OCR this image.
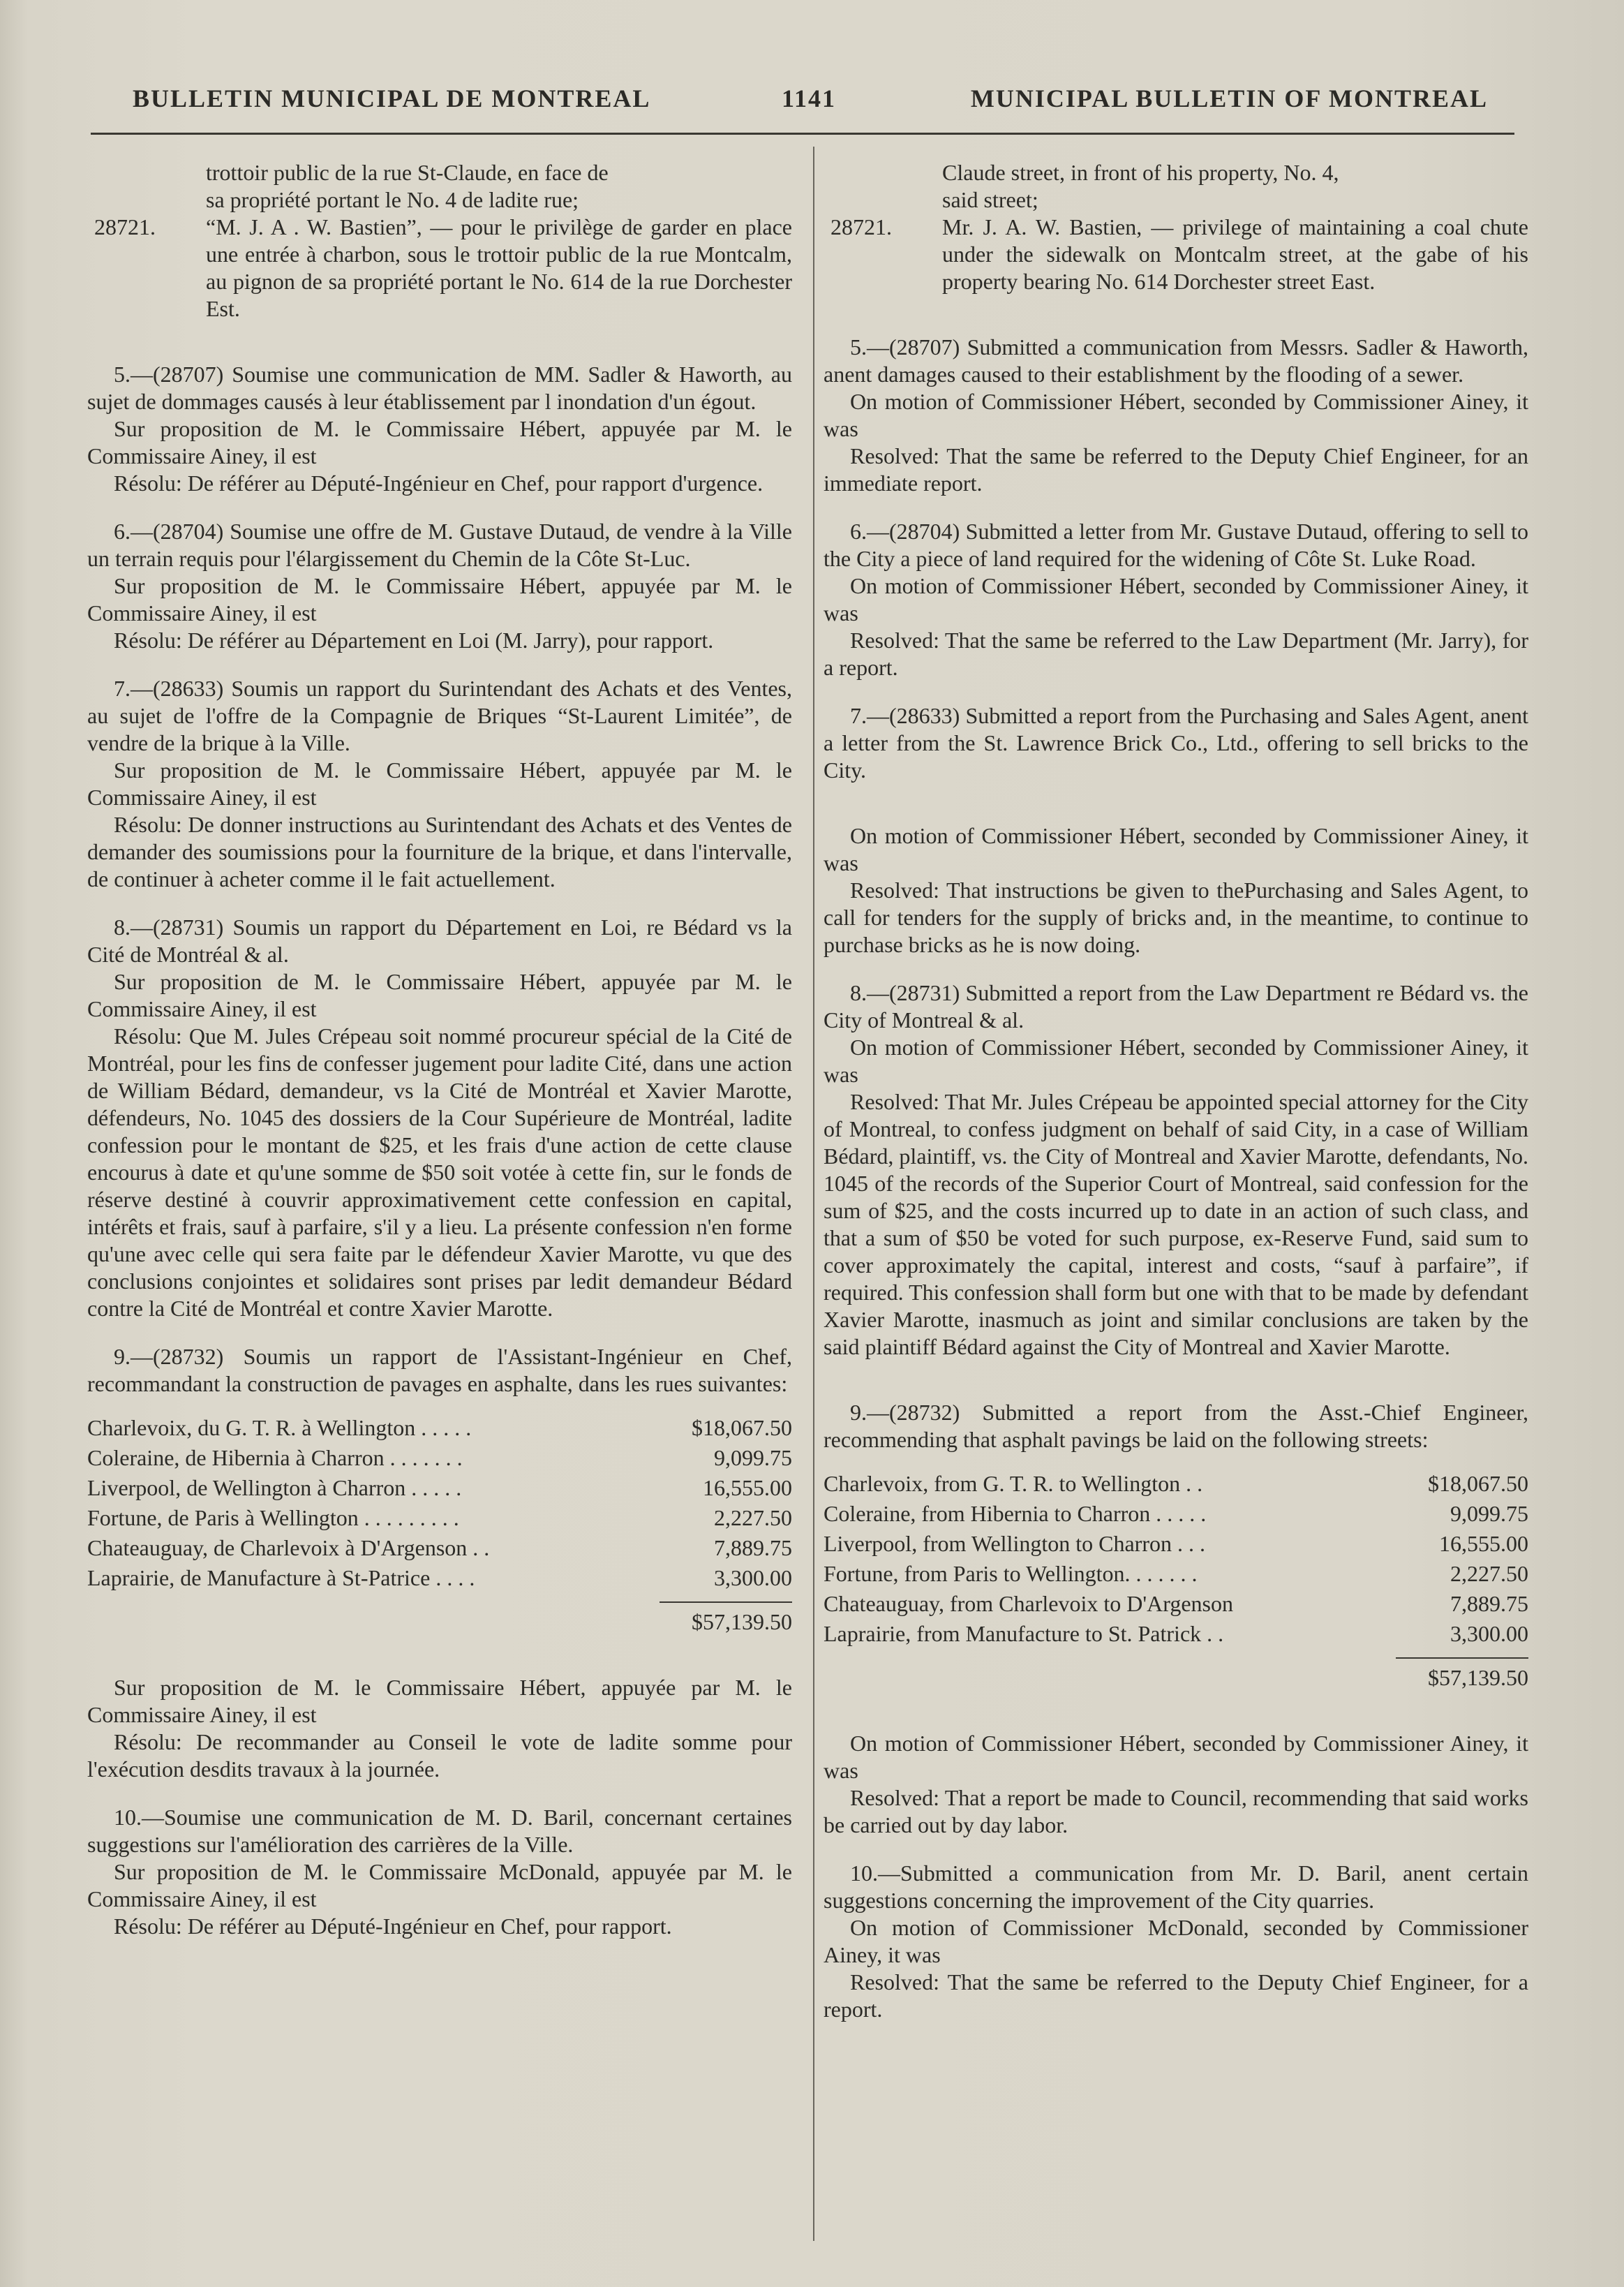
BULLETIN MUNICIPAL DE MONTREAL	1141	MUNICIPAL BULLETIN OF MONTREAL
trottoir public de la rue St-Claude, en face de
sa propriété portant le No. 4 de ladite rue;
28721. “M. J. A . W. Bastien”, — pour le privilège de garder en place une entrée à charbon, sous le trottoir public de la rue Montcalm, au pignon de sa propriété portant le No. 614 de la rue Dorchester Est.

5.—(28707) Soumise une communication de MM. Sadler & Haworth, au sujet de dommages causés à leur établissement par l inondation d'un égout.

Sur proposition de M. le Commissaire Hébert, appuyée par M. le Commissaire Ainey, il est

Résolu: De référer au Député-Ingénieur en Chef, pour rapport d'urgence.

6.—(28704) Soumise une offre de M. Gustave Dutaud, de vendre à la Ville un terrain requis pour l'élargissement du Chemin de la Côte St-Luc.

Sur proposition de M. le Commissaire Hébert, appuyée par M. le Commissaire Ainey, il est

Résolu: De référer au Département en Loi (M. Jarry), pour rapport.

7.—(28633) Soumis un rapport du Surintendant des Achats et des Ventes, au sujet de l'offre de la Compagnie de Briques “St-Laurent Limitée”, de vendre de la brique à la Ville.

Sur proposition de M. le Commissaire Hébert, appuyée par M. le Commissaire Ainey, il est

Résolu: De donner instructions au Surintendant des Achats et des Ventes de demander des soumissions pour la fourniture de la brique, et dans l'intervalle, de continuer à acheter comme il le fait actuellement.

8.—(28731) Soumis un rapport du Département en Loi, re Bédard vs la Cité de Montréal & al.

Sur proposition de M. le Commissaire Hébert, appuyée par M. le Commissaire Ainey, il est

Résolu: Que M. Jules Crépeau soit nommé procureur spécial de la Cité de Montréal, pour les fins de confesser jugement pour ladite Cité, dans une action de William Bédard, demandeur, vs la Cité de Montréal et Xavier Marotte, défendeurs, No. 1045 des dossiers de la Cour Supérieure de Montréal, ladite confession pour le montant de $25, et les frais d'une action de cette clause encourus à date et qu'une somme de $50 soit votée à cette fin, sur le fonds de réserve destiné à couvrir approximativement cette confession en capital, intérêts et frais, sauf à parfaire, s'il y a lieu. La présente confession n'en forme qu'une avec celle qui sera faite par le défendeur Xavier Marotte, vu que des conclusions conjointes et solidaires sont prises par ledit demandeur Bédard contre la Cité de Montréal et contre Xavier Marotte.

9.—(28732) Soumis un rapport de l'Assistant-Ingénieur en Chef, recommandant la construction de pavages en asphalte, dans les rues suivantes:

Charlevoix, du G. T. R. à Wellington . . . . .	$18,067.50
Coleraine, de Hibernia à Charron . . . . . . .	9,099.75
Liverpool, de Wellington à Charron . . . . .	16,555.00
Fortune, de Paris à Wellington . . . . . . . . .	2,227.50
Chateauguay, de Charlevoix à D'Argenson . .	7,889.75
Laprairie, de Manufacture à St-Patrice . . . .	3,300.00
$57,139.50

Sur proposition de M. le Commissaire Hébert, appuyée par M. le Commissaire Ainey, il est

Résolu: De recommander au Conseil le vote de ladite somme pour l'exécution desdits travaux à la journée.

10.—Soumise une communication de M. D. Baril, concernant certaines suggestions sur l'amélioration des carrières de la Ville.

Sur proposition de M. le Commissaire McDonald, appuyée par M. le Commissaire Ainey, il est

Résolu: De référer au Député-Ingénieur en Chef, pour rapport.

Claude street, in front of his property, No. 4,
said street;
28721. Mr. J. A. W. Bastien, — privilege of maintaining a coal chute under the sidewalk on Montcalm street, at the gabe of his property bearing No. 614 Dorchester street East.

5.—(28707) Submitted a communication from Messrs. Sadler & Haworth, anent damages caused to their establishment by the flooding of a sewer.

On motion of Commissioner Hébert, seconded by Commissioner Ainey, it was

Resolved: That the same be referred to the Deputy Chief Engineer, for an immediate report.

6.—(28704) Submitted a letter from Mr. Gustave Dutaud, offering to sell to the City a piece of land required for the widening of Côte St. Luke Road.

On motion of Commissioner Hébert, seconded by Commissioner Ainey, it was

Resolved: That the same be referred to the Law Department (Mr. Jarry), for a report.

7.—(28633) Submitted a report from the Purchasing and Sales Agent, anent a letter from the St. Lawrence Brick Co., Ltd., offering to sell bricks to the City.

On motion of Commissioner Hébert, seconded by Commissioner Ainey, it was

Resolved: That instructions be given to thePurchasing and Sales Agent, to call for tenders for the supply of bricks and, in the meantime, to continue to purchase bricks as he is now doing.

8.—(28731) Submitted a report from the Law Department re Bédard vs. the City of Montreal & al.

On motion of Commissioner Hébert, seconded by Commissioner Ainey, it was

Resolved: That Mr. Jules Crépeau be appointed special attorney for the City of Montreal, to confess judgment on behalf of said City, in a case of William Bédard, plaintiff, vs. the City of Montreal and Xavier Marotte, defendants, No. 1045 of the records of the Superior Court of Montreal, said confession for the sum of $25, and the costs incurred up to date in an action of such class, and that a sum of $50 be voted for such purpose, ex-Reserve Fund, said sum to cover approximately the capital, interest and costs, “sauf à parfaire”, if required. This confession shall form but one with that to be made by defendant Xavier Marotte, inasmuch as joint and similar conclusions are taken by the said plaintiff Bédard against the City of Montreal and Xavier Marotte.

9.—(28732) Submitted a report from the Asst.-Chief Engineer, recommending that asphalt pavings be laid on the following streets:

Charlevoix, from G. T. R. to Wellington . .	$18,067.50
Coleraine, from Hibernia to Charron . . . . .	9,099.75
Liverpool, from Wellington to Charron . . .	16,555.00
Fortune, from Paris to Wellington. . . . . . .	2,227.50
Chateauguay, from Charlevoix to D'Argenson	7,889.75
Laprairie, from Manufacture to St. Patrick . .	3,300.00
$57,139.50

On motion of Commissioner Hébert, seconded by Commissioner Ainey, it was

Resolved: That a report be made to Council, recommending that said works be carried out by day labor.

10.—Submitted a communication from Mr. D. Baril, anent certain suggestions concerning the improvement of the City quarries.

On motion of Commissioner McDonald, seconded by Commissioner Ainey, it was

Resolved: That the same be referred to the Deputy Chief Engineer, for a report.
